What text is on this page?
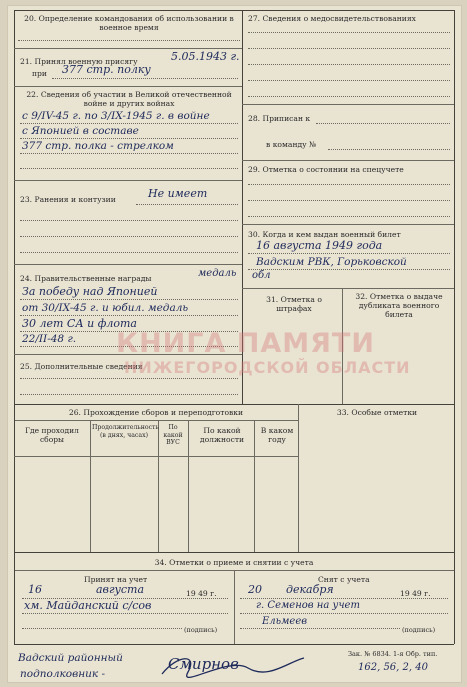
20. Определение командования об использовании в военное время
21. Принял военную присягу	5.05.1943 г.
при 377 стр. полку
22. Сведения об участии в Великой отечественной войне и других войнах
с 9/IV-45 г. по 3/IX-1945 г. в войне
с Японией в составе
377 стр. полка - стрелком
23. Ранения и контузии	Не имеет
24. Правительственные награды	медаль
За победу над Японией
от 30/IX-45 г. и юбил. медаль
30 лет СА и флота
22/II-48 г.
25. Дополнительные сведения
27. Сведения о медосвидетельствованиях
28. Приписан к
в команду №
29. Отметка о состоянии на спецучете
30. Когда и кем выдан военный билет
16 августа 1949 года
Вадским РВК, Горьковской
обл
31. Отметка о штрафах
32. Отметка о выдаче дубликата военного билета
26. Прохождение сборов и переподготовки	33. Особые отметки
Где проходил сборы
Продолжительность (в днях, часах)
По какой ВУС
По какой должности
В каком году
34. Отметки о приеме и снятии с учета
Принят на учет
16	августа	19 49 г.
хм. Майданский с/сов
(подпись)
Снят с учета
20 декабря	19 49 г.
г. Семенов на учет
Ельмеев
(подпись)
Вадский районный
подполковник -
Смирнов
Зак. № 6834. 1-я Обр. тип.
162, 56, 2, 40
КНИГА ПАМЯТИ
НИЖЕГОРОДСКОЙ ОБЛАСТИ
